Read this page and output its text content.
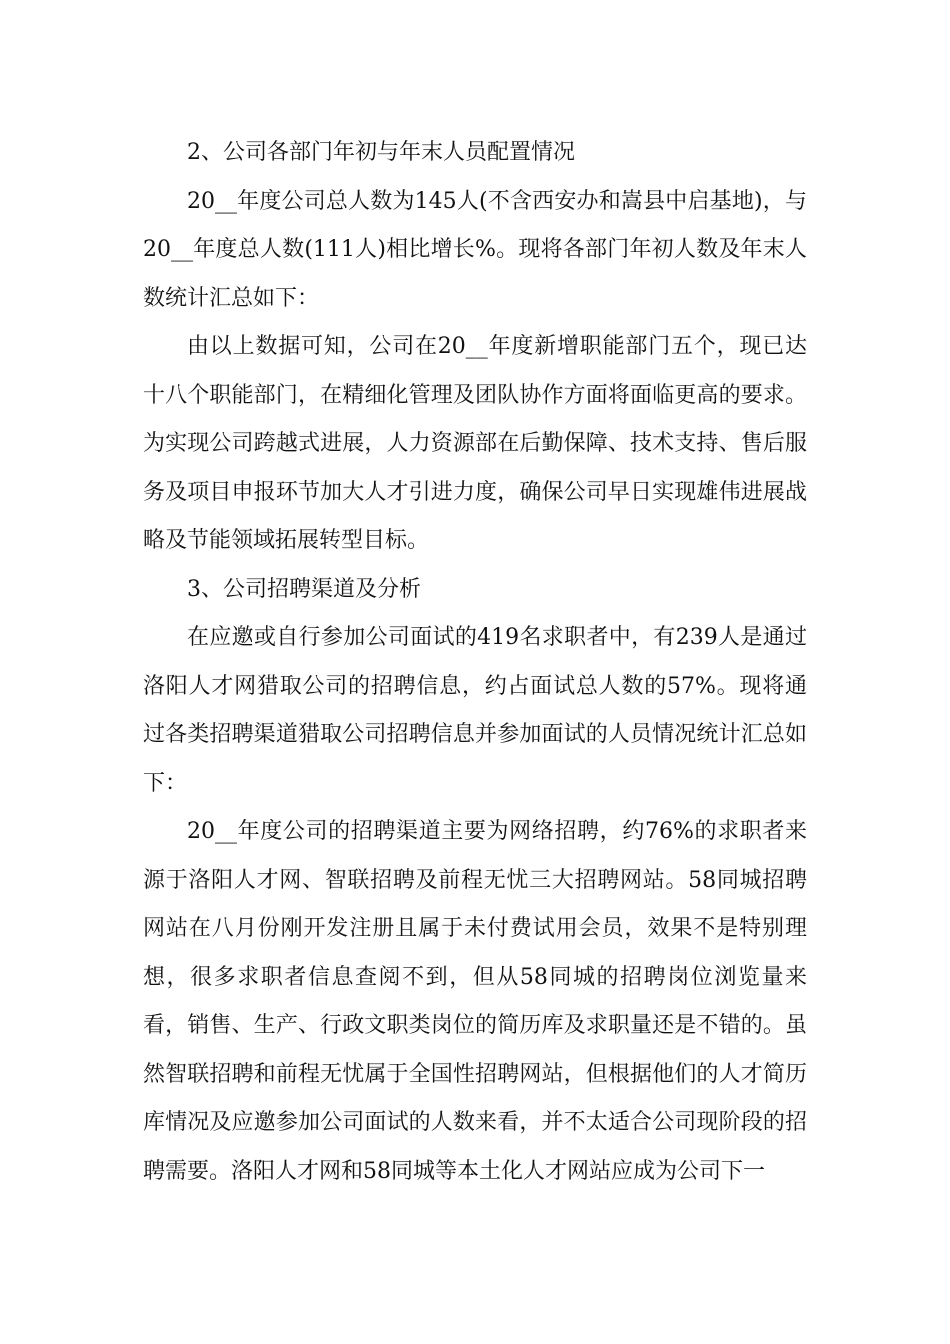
2、公司各部门年初与年末人员配置情况

20__年度公司总人数为145人(不含西安办和嵩县中启基地)，与20__年度总人数(111人)相比增长%。现将各部门年初人数及年末人数统计汇总如下：

由以上数据可知，公司在20__年度新增职能部门五个，现已达十八个职能部门，在精细化管理及团队协作方面将面临更高的要求。为实现公司跨越式进展，人力资源部在后勤保障、技术支持、售后服务及项目申报环节加大人才引进力度，确保公司早日实现雄伟进展战略及节能领域拓展转型目标。

3、公司招聘渠道及分析

在应邀或自行参加公司面试的419名求职者中，有239人是通过洛阳人才网猎取公司的招聘信息，约占面试总人数的57%。现将通过各类招聘渠道猎取公司招聘信息并参加面试的人员情况统计汇总如下：

20__年度公司的招聘渠道主要为网络招聘，约76%的求职者来源于洛阳人才网、智联招聘及前程无忧三大招聘网站。58同城招聘网站在八月份刚开发注册且属于未付费试用会员，效果不是特别理想，很多求职者信息查阅不到，但从58同城的招聘岗位浏览量来看，销售、生产、行政文职类岗位的简历库及求职量还是不错的。虽然智联招聘和前程无忧属于全国性招聘网站，但根据他们的人才简历库情况及应邀参加公司面试的人数来看，并不太适合公司现阶段的招聘需要。洛阳人才网和58同城等本土化人才网站应成为公司下一
